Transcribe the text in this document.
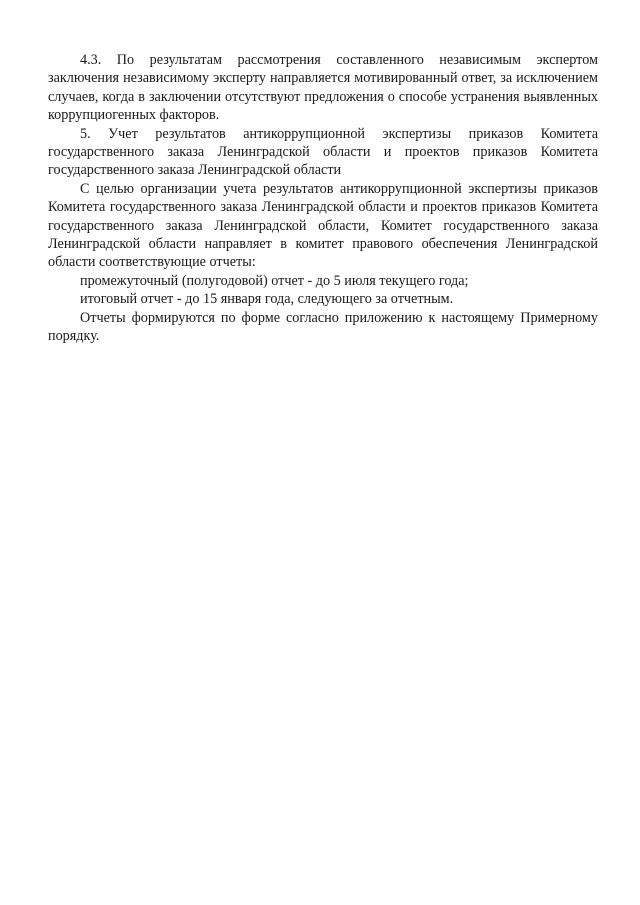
4.3. По результатам рассмотрения составленного независимым экспертом заключения независимому эксперту направляется мотивированный ответ, за исключением случаев, когда в заключении отсутствуют предложения о способе устранения выявленных коррупциогенных факторов.

5. Учет результатов антикоррупционной экспертизы приказов Комитета государственного заказа Ленинградской области и проектов приказов Комитета государственного заказа Ленинградской области

С целью организации учета результатов антикоррупционной экспертизы приказов Комитета государственного заказа Ленинградской области и проектов приказов Комитета государственного заказа Ленинградской области, Комитет государственного заказа Ленинградской области направляет в комитет правового обеспечения Ленинградской области соответствующие отчеты:

промежуточный (полугодовой) отчет - до 5 июля текущего года;

итоговый отчет - до 15 января года, следующего за отчетным.

Отчеты формируются по форме согласно приложению к настоящему Примерному порядку.
